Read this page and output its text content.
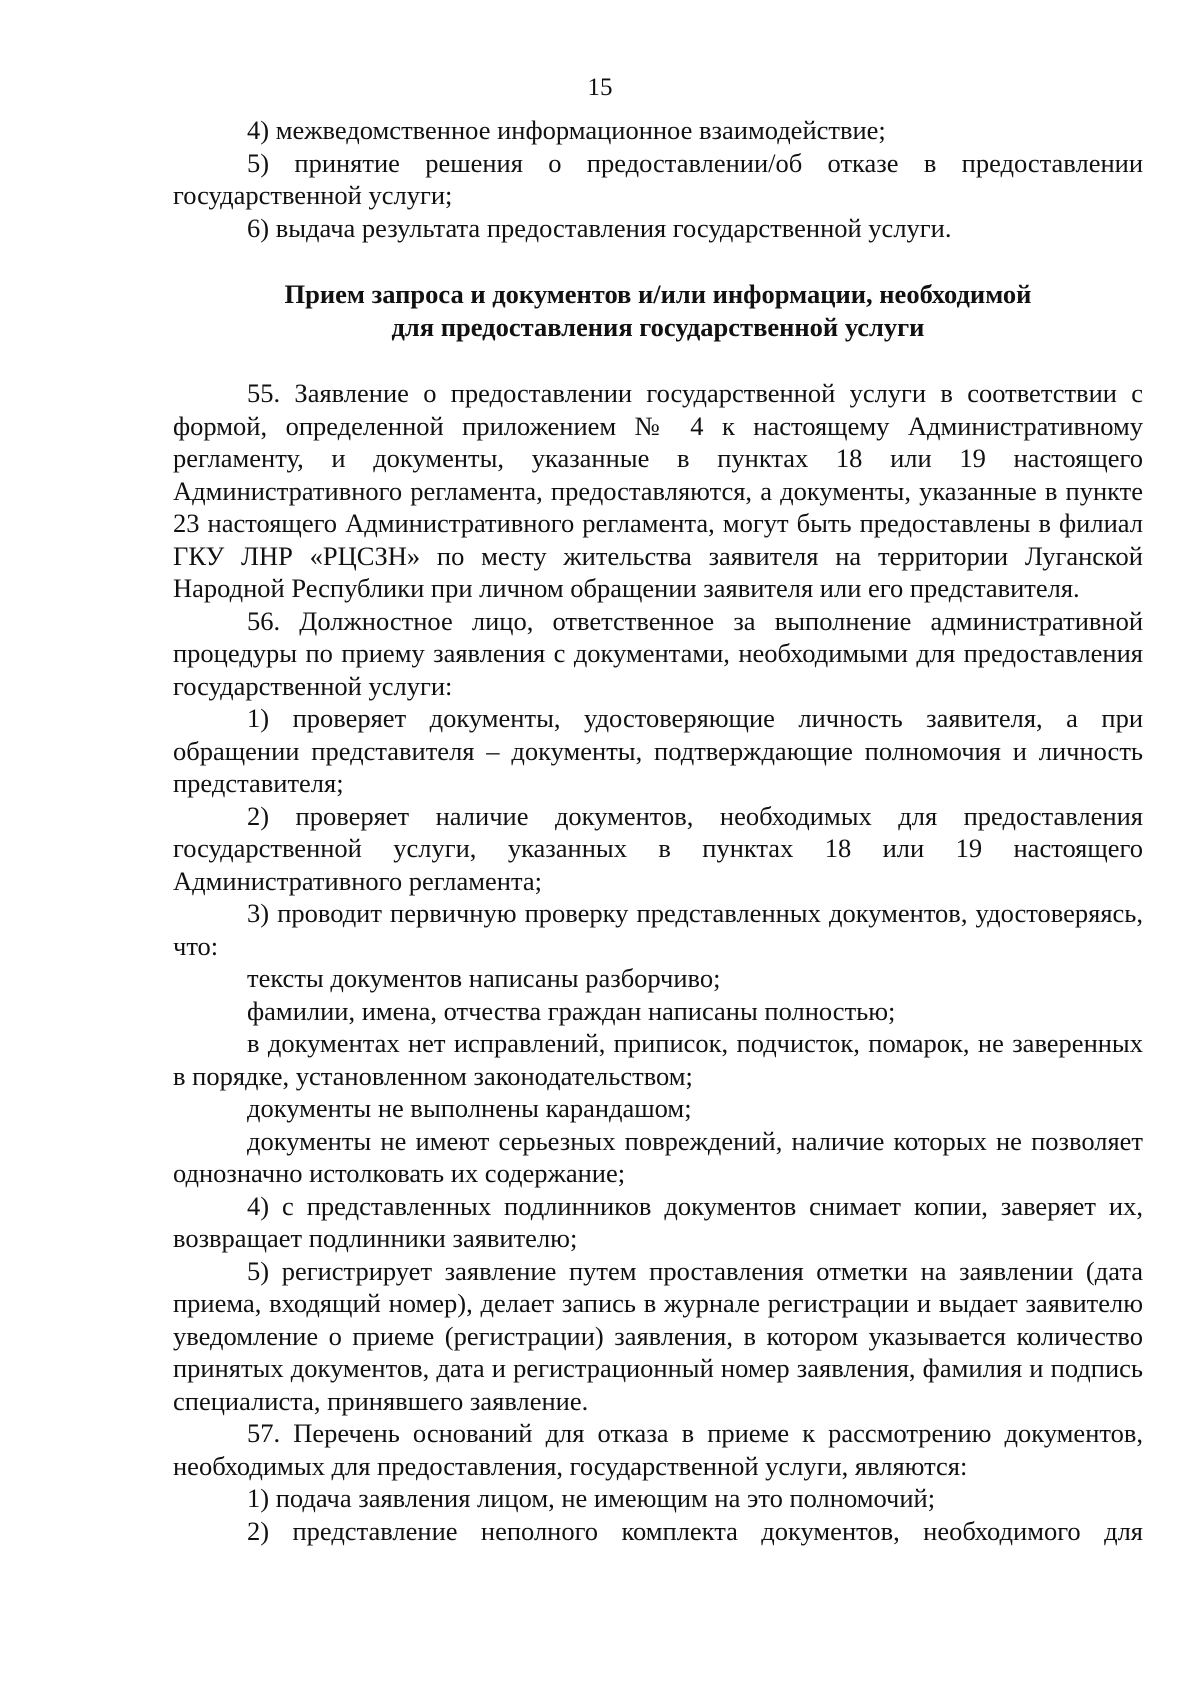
15

4) межведомственное информационное взаимодействие;

5) принятие решения о предоставлении/об отказе в предоставлении государственной услуги;

6) выдача результата предоставления государственной услуги.

Прием запроса и документов и/или информации, необходимой
для предоставления государственной услуги

55. Заявление о предоставлении государственной услуги в соответствии с формой, определенной приложением № 4 к настоящему Административному регламенту, и документы, указанные в пунктах 18 или 19 настоящего Административного регламента, предоставляются, а документы, указанные в пункте 23 настоящего Административного регламента, могут быть предоставлены в филиал ГКУ ЛНР «РЦСЗН» по месту жительства заявителя на территории Луганской Народной Республики при личном обращении заявителя или его представителя.

56. Должностное лицо, ответственное за выполнение административной процедуры по приему заявления с документами, необходимыми для предоставления государственной услуги:

1) проверяет документы, удостоверяющие личность заявителя, а при обращении представителя – документы, подтверждающие полномочия и личность представителя;

2) проверяет наличие документов, необходимых для предоставления государственной услуги, указанных в пунктах 18 или 19 настоящего Административного регламента;

3) проводит первичную проверку представленных документов, удостоверяясь, что:

тексты документов написаны разборчиво;

фамилии, имена, отчества граждан написаны полностью;

в документах нет исправлений, приписок, подчисток, помарок, не заверенных в порядке, установленном законодательством;

документы не выполнены карандашом;

документы не имеют серьезных повреждений, наличие которых не позволяет однозначно истолковать их содержание;

4) с представленных подлинников документов снимает копии, заверяет их, возвращает подлинники заявителю;

5) регистрирует заявление путем проставления отметки на заявлении (дата приема, входящий номер), делает запись в журнале регистрации и выдает заявителю уведомление о приеме (регистрации) заявления, в котором указывается количество принятых документов, дата и регистрационный номер заявления, фамилия и подпись специалиста, принявшего заявление.

57. Перечень оснований для отказа в приеме к рассмотрению документов, необходимых для предоставления, государственной услуги, являются:

1) подача заявления лицом, не имеющим на это полномочий;

2) представление неполного комплекта документов, необходимого для
